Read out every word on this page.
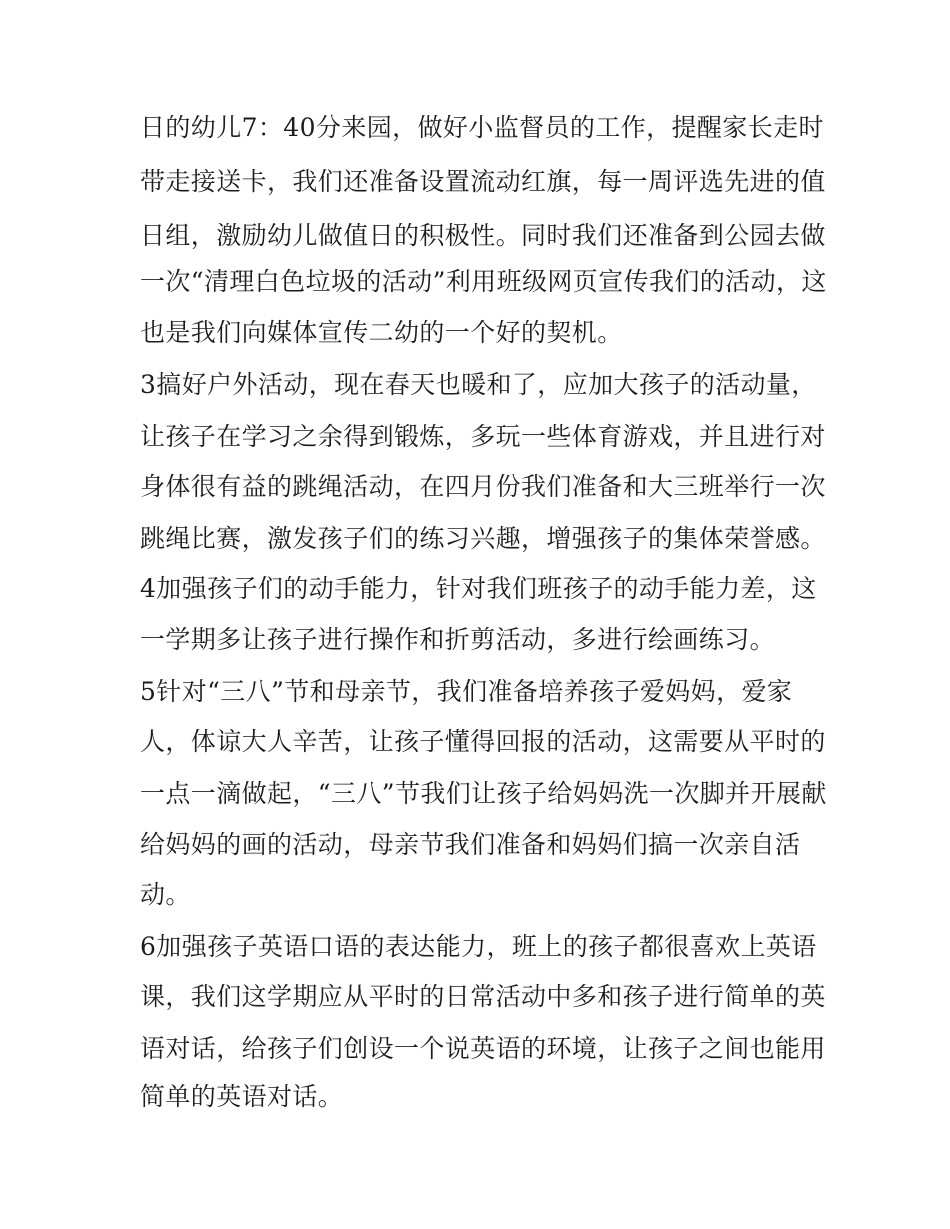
日的幼儿7：40分来园，做好小监督员的工作，提醒家长走时
带走接送卡，我们还准备设置流动红旗，每一周评选先进的值
日组，激励幼儿做值日的积极性。同时我们还准备到公园去做
一次“清理白色垃圾的活动”利用班级网页宣传我们的活动，这
也是我们向媒体宣传二幼的一个好的契机。
3搞好户外活动，现在春天也暖和了，应加大孩子的活动量，
让孩子在学习之余得到锻炼，多玩一些体育游戏，并且进行对
身体很有益的跳绳活动，在四月份我们准备和大三班举行一次
跳绳比赛，激发孩子们的练习兴趣，增强孩子的集体荣誉感。
4加强孩子们的动手能力，针对我们班孩子的动手能力差，这
一学期多让孩子进行操作和折剪活动，多进行绘画练习。
5针对“三八”节和母亲节，我们准备培养孩子爱妈妈，爱家
人，体谅大人辛苦，让孩子懂得回报的活动，这需要从平时的
一点一滴做起，“三八”节我们让孩子给妈妈洗一次脚并开展献
给妈妈的画的活动，母亲节我们准备和妈妈们搞一次亲自活
动。
6加强孩子英语口语的表达能力，班上的孩子都很喜欢上英语
课，我们这学期应从平时的日常活动中多和孩子进行简单的英
语对话，给孩子们创设一个说英语的环境，让孩子之间也能用
简单的英语对话。
